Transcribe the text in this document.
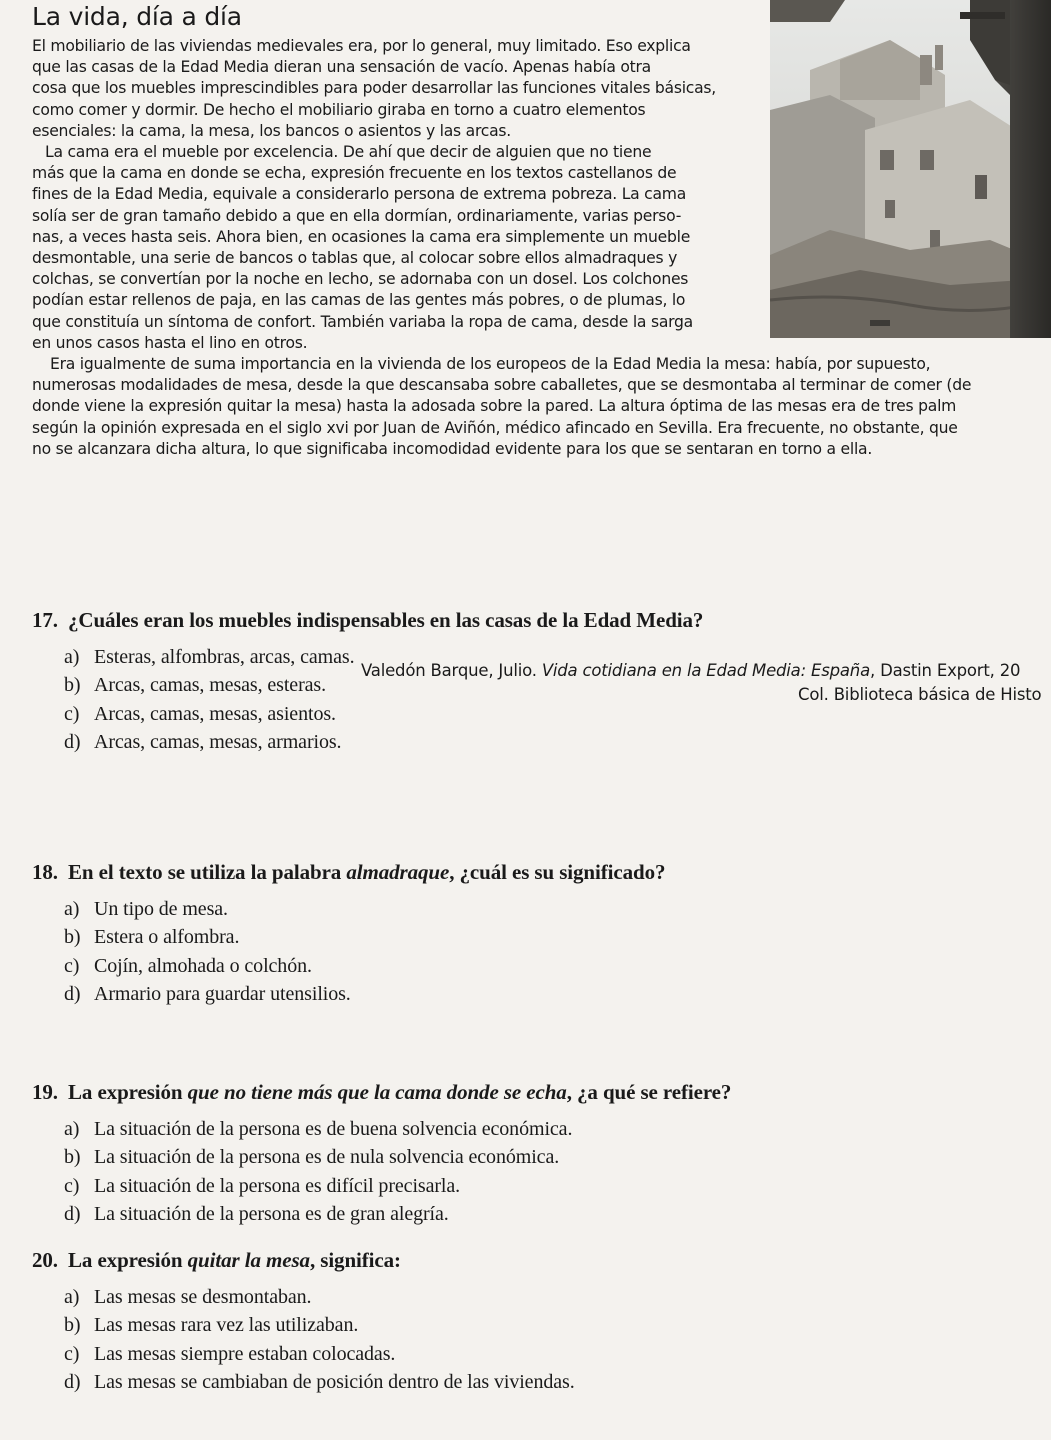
La vida, día a día
El mobiliario de las viviendas medievales era, por lo general, muy limitado. Eso explica
que las casas de la Edad Media dieran una sensación de vacío. Apenas había otra
cosa que los muebles imprescindibles para poder desarrollar las funciones vitales básicas,
como comer y dormir. De hecho el mobiliario giraba en torno a cuatro elementos
esenciales: la cama, la mesa, los bancos o asientos y las arcas.
La cama era el mueble por excelencia. De ahí que decir de alguien que no tiene
más que la cama en donde se echa, expresión frecuente en los textos castellanos de
fines de la Edad Media, equivale a considerarlo persona de extrema pobreza. La cama
solía ser de gran tamaño debido a que en ella dormían, ordinariamente, varias perso-
nas, a veces hasta seis. Ahora bien, en ocasiones la cama era simplemente un mueble
desmontable, una serie de bancos o tablas que, al colocar sobre ellos almadraques y
colchas, se convertían por la noche en lecho, se adornaba con un dosel. Los colchones
podían estar rellenos de paja, en las camas de las gentes más pobres, o de plumas, lo
que constituía un síntoma de confort. También variaba la ropa de cama, desde la sarga
en unos casos hasta el lino en otros.
Era igualmente de suma importancia en la vivienda de los europeos de la Edad Media la mesa: había, por supuesto,
numerosas modalidades de mesa, desde la que descansaba sobre caballetes, que se desmontaba al terminar de comer (de
donde viene la expresión quitar la mesa) hasta la adosada sobre la pared. La altura óptima de las mesas era de tres palm
según la opinión expresada en el siglo xvi por Juan de Aviñón, médico afincado en Sevilla. Era frecuente, no obstante, que
no se alcanzara dicha altura, lo que significaba incomodidad evidente para los que se sentaran en torno a ella.
Valedón Barque, Julio. Vida cotidiana en la Edad Media: España, Dastin Export, 20
Col. Biblioteca básica de Histo
17. ¿Cuáles eran los muebles indispensables en las casas de la Edad Media?
a) Esteras, alfombras, arcas, camas.
b) Arcas, camas, mesas, esteras.
c) Arcas, camas, mesas, asientos.
d) Arcas, camas, mesas, armarios.
18. En el texto se utiliza la palabra almadraque, ¿cuál es su significado?
a) Un tipo de mesa.
b) Estera o alfombra.
c) Cojín, almohada o colchón.
d) Armario para guardar utensilios.
19. La expresión que no tiene más que la cama donde se echa, ¿a qué se refiere?
a) La situación de la persona es de buena solvencia económica.
b) La situación de la persona es de nula solvencia económica.
c) La situación de la persona es difícil precisarla.
d) La situación de la persona es de gran alegría.
20. La expresión quitar la mesa, significa:
a) Las mesas se desmontaban.
b) Las mesas rara vez las utilizaban.
c) Las mesas siempre estaban colocadas.
d) Las mesas se cambiaban de posición dentro de las viviendas.
